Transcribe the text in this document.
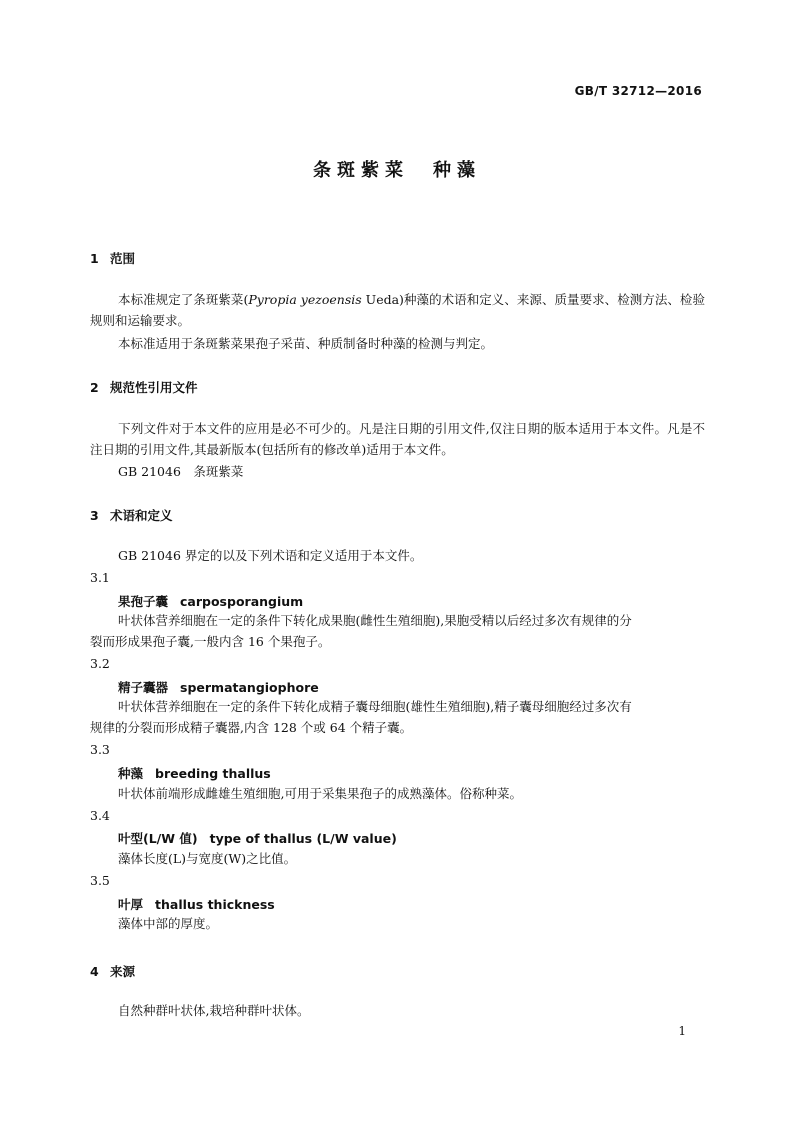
GB/T 32712—2016
条斑紫菜　种藻
1 范围
本标准规定了条斑紫菜(Pyropia yezoensis Ueda)种藻的术语和定义、来源、质量要求、检测方法、检验规则和运输要求。
本标准适用于条斑紫菜果孢子采苗、种质制备时种藻的检测与判定。
2 规范性引用文件
下列文件对于本文件的应用是必不可少的。凡是注日期的引用文件,仅注日期的版本适用于本文件。凡是不注日期的引用文件,其最新版本(包括所有的修改单)适用于本文件。
GB 21046　条斑紫菜
3 术语和定义
GB 21046 界定的以及下列术语和定义适用于本文件。
3.1
果孢子囊 carposporangium
叶状体营养细胞在一定的条件下转化成果胞(雌性生殖细胞),果胞受精以后经过多次有规律的分
裂而形成果孢子囊,一般内含 16 个果孢子。
3.2
精子囊器 spermatangiophore
叶状体营养细胞在一定的条件下转化成精子囊母细胞(雄性生殖细胞),精子囊母细胞经过多次有
规律的分裂而形成精子囊器,内含 128 个或 64 个精子囊。
3.3
种藻 breeding thallus
叶状体前端形成雌雄生殖细胞,可用于采集果孢子的成熟藻体。俗称种菜。
3.4
叶型(L/W 值) type of thallus (L/W value)
藻体长度(L)与宽度(W)之比值。
3.5
叶厚 thallus thickness
藻体中部的厚度。
4 来源
自然种群叶状体,栽培种群叶状体。
1
